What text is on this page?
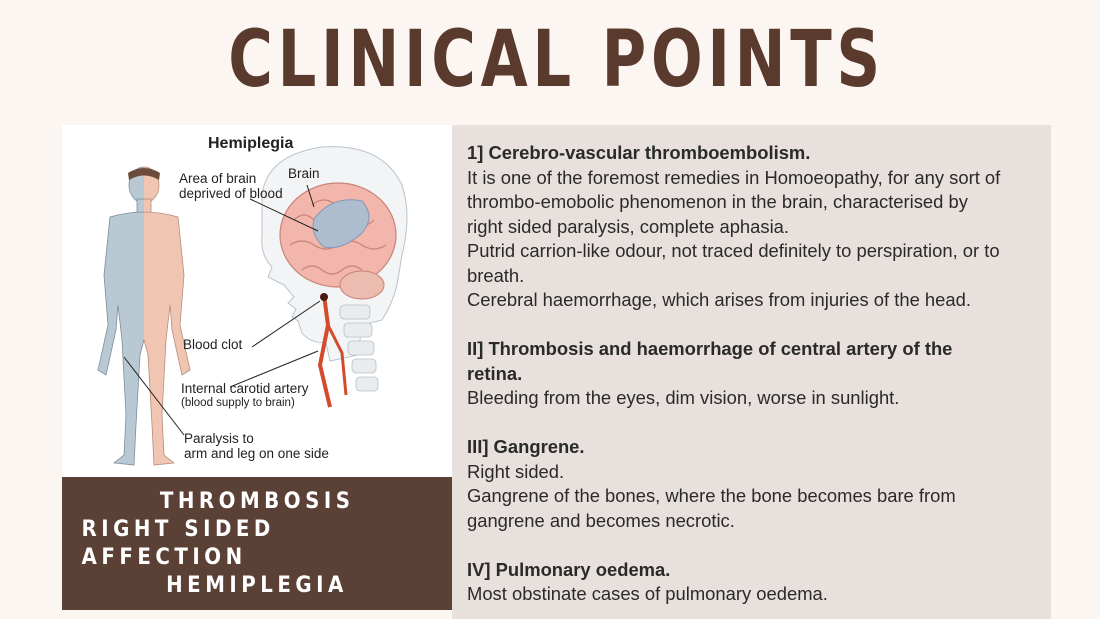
CLINICAL POINTS
Hemiplegia
Area of brain
deprived of blood
Brain
Blood clot
Internal carotid artery
(blood supply to brain)
Paralysis to
arm and leg on one side
THROMBOSIS
RIGHT SIDED AFFECTION
HEMIPLEGIA

1] Cerebro-vascular thromboembolism.

It is one of the foremost remedies in Homoeopathy, for any sort of

thrombo-emobolic phenomenon in the brain, characterised by

right sided paralysis, complete aphasia.

Putrid carrion-like odour, not traced definitely to perspiration, or to

breath.

Cerebral haemorrhage, which arises from injuries of the head.

II] Thrombosis and haemorrhage of central artery of the

retina.

Bleeding from the eyes, dim vision, worse in sunlight.

III] Gangrene.

Right sided.

Gangrene of the bones, where the bone becomes bare from

gangrene and becomes necrotic.

IV] Pulmonary oedema.

Most obstinate cases of pulmonary oedema.
